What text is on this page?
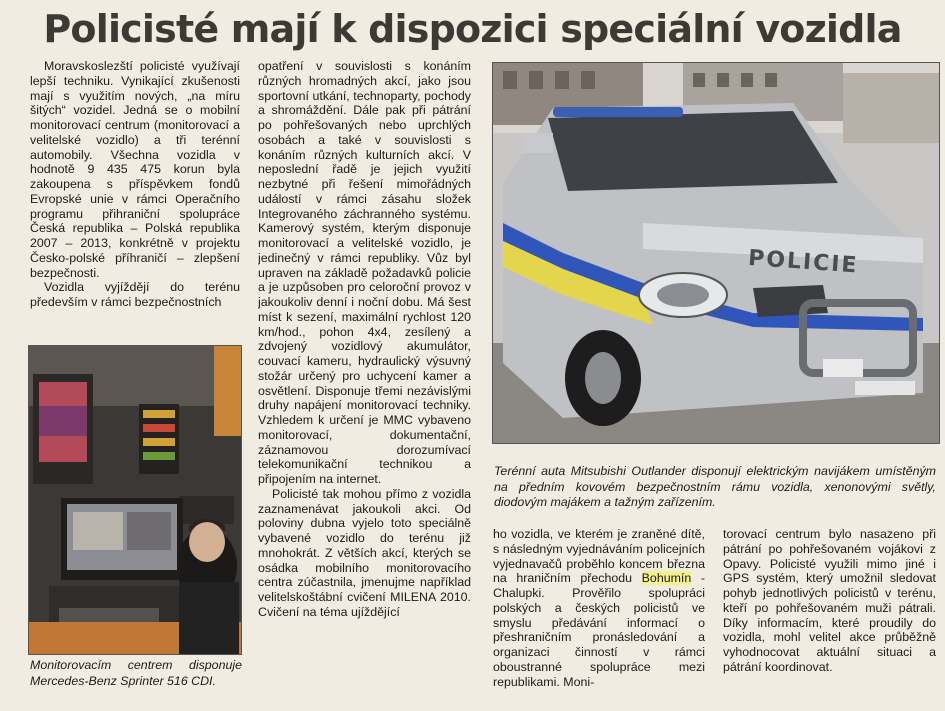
Policisté mají k dispozici speciální vozidla

Moravskoslezští policisté využívají lepší techniku. Vynikající zkušenosti mají s využitím nových, „na míru šitých“ vozidel. Jedná se o mobilní monitorovací centrum (monitorovací a velitelské vozidlo) a tři terénní automobily. Všechna vozidla v hodnotě 9 435 475 korun byla zakoupena s příspěvkem fondů Evropské unie v rámci Operačního programu přihraniční spolupráce Česká republika – Polská republika 2007 – 2013, konkrétně v projektu Česko-polské příhraničí – zlepšení bezpečnosti.

Vozidla vyjíždějí do terénu především v rámci bezpečnostních

Monitorovacím centrem disponuje Mercedes-Benz Sprinter 516 CDI.

opatření v souvislosti s konáním různých hromadných akcí, jako jsou sportovní utkání, technoparty, pochody a shromáždění. Dále pak při pátrání po pohřešovaných nebo uprchlých osobách a také v souvislosti s konáním různých kulturních akcí. V neposlední řadě je jejich využití nezbytné při řešení mimořádných událostí v rámci zásahu složek Integrovaného záchranného systému. Kamerový systém, kterým disponuje monitorovací a velitelské vozidlo, je jedinečný v rámci republiky. Vůz byl upraven na základě požadavků policie a je uzpůsoben pro celoroční provoz v jakoukoliv denní i noční dobu. Má šest míst k sezení, maximální rychlost 120 km/hod., pohon 4x4, zesílený a zdvojený vozidlový akumulátor, couvací kameru, hydraulický výsuvný stožár určený pro uchycení kamer a osvětlení. Disponuje třemi nezávislými druhy napájení monitorovací techniky. Vzhledem k určení je MMC vybaveno monitorovací, dokumentační, záznamovou dorozumívací telekomunikační technikou a připojením na internet.

Policisté tak mohou přímo z vozidla zaznamenávat jakoukoli akci. Od poloviny dubna vyjelo toto speciálně vybavené vozidlo do terénu již mnohokrát. Z větších akcí, kterých se osádka mobilního monitorovacího centra zúčastnila, jmenujme například velitelskoštábní cvičení MILENA 2010. Cvičení na téma ujíždějící

POLICIE
Terénní auta Mitsubishi Outlander disponují elektrickým navijákem umístěným na předním kovovém bezpečnostním rámu vozidla, xenonovými světly, diodovým majákem a tažným zařízením.

ho vozidla, ve kterém je zraněné dítě, s následným vyjednáváním policejních vyjednavačů proběhlo koncem března na hraničním přechodu Bohumín - Chalupki. Prověřilo spolupráci polských a českých policistů ve smyslu předávání informací o přeshraničním pronásledování a organizaci činností v rámci oboustranné spolupráce mezi republikami. Moni-

torovací centrum bylo nasazeno při pátrání po pohřešovaném vojákovi z Opavy. Policisté využili mimo jiné i GPS systém, který umožnil sledovat pohyb jednotlivých policistů v terénu, kteří po pohřešovaném muži pátrali. Díky informacím, které proudily do vozidla, mohl velitel akce průběžně vyhodnocovat aktuální situaci a pátrání koordinovat.
